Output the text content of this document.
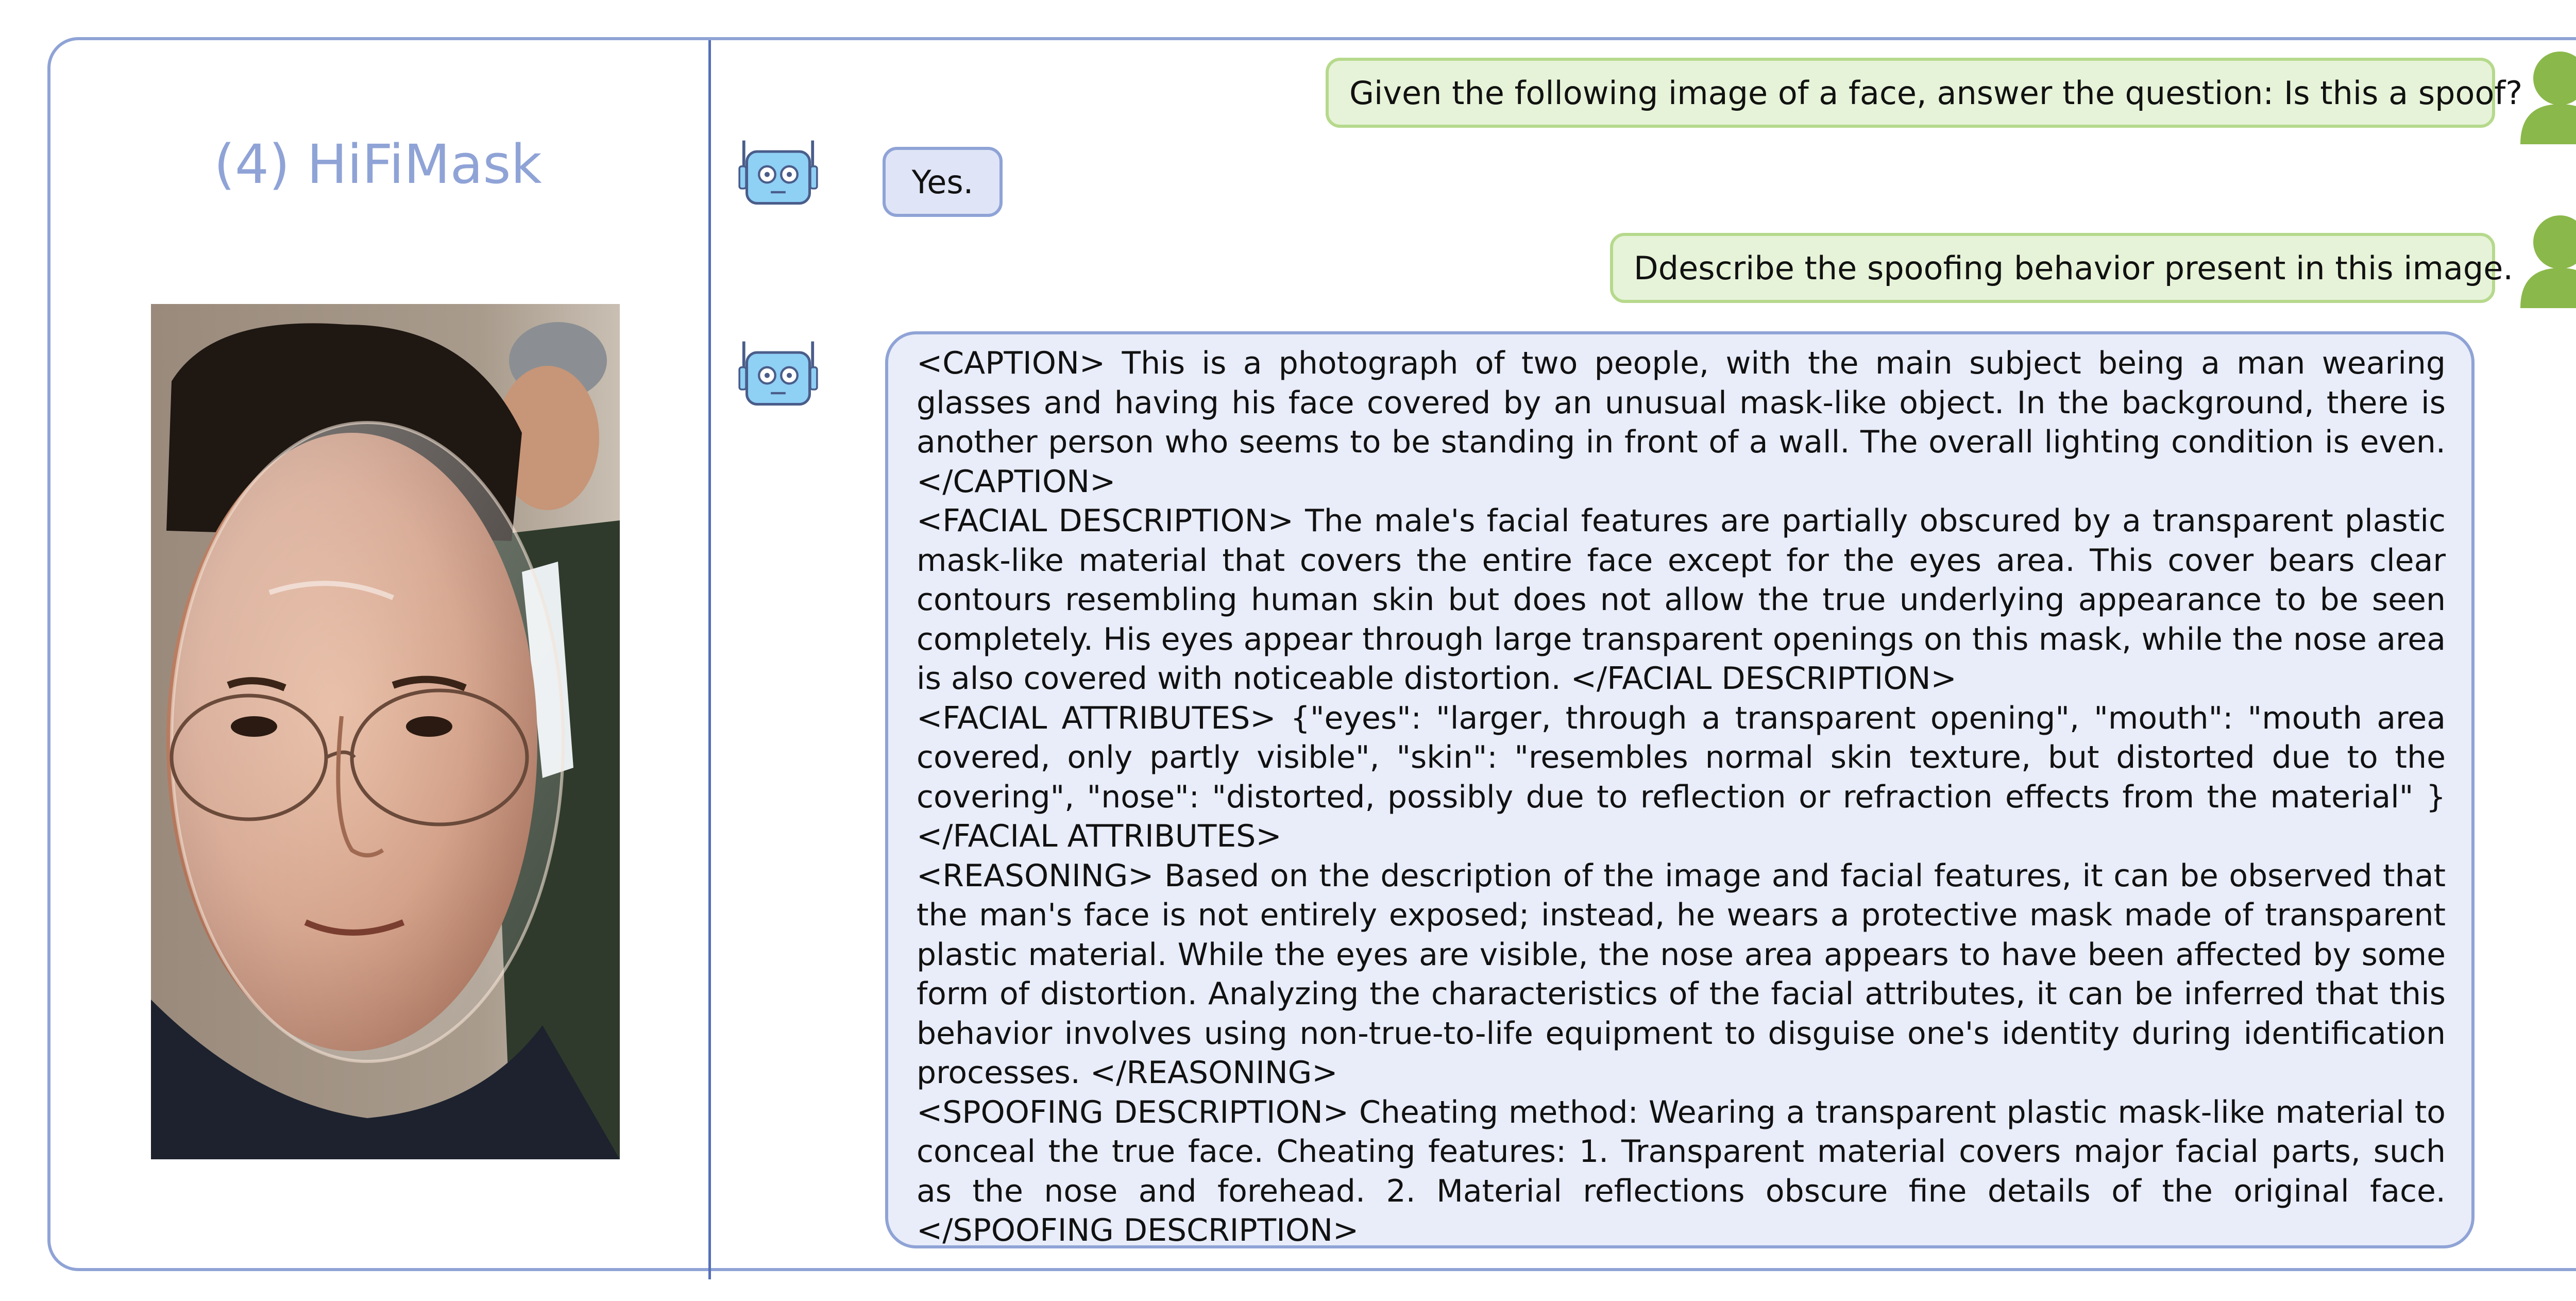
(4) HiFiMask
Given the following image of a face, answer the question: Is this a spoof?
Yes.
Ddescribe the spoofing behavior present in this image.

<CAPTION> This is a photograph of two people, with the main subject being a man wearing glasses and having his face covered by an unusual mask-like object. In the background, there is another person who seems to be standing in front of a wall. The overall lighting condition is even.</CAPTION>

<FACIAL DESCRIPTION> The male's facial features are partially obscured by a transparent plastic mask-like material that covers the entire face except for the eyes area. This cover bears clear contours resembling human skin but does not allow the true underlying appearance to be seen completely. His eyes appear through large transparent openings on this mask, while the nose area is also covered with noticeable distortion. </FACIAL DESCRIPTION>

<FACIAL ATTRIBUTES> {"eyes": "larger, through a transparent opening", "mouth": "mouth area covered, only partly visible", "skin": "resembles normal skin texture, but distorted due to the covering", "nose": "distorted, possibly due to reflection or refraction effects from the material" } </FACIAL ATTRIBUTES>

<REASONING> Based on the description of the image and facial features, it can be observed that the man's face is not entirely exposed; instead, he wears a protective mask made of transparent plastic material. While the eyes are visible, the nose area appears to have been affected by some form of distortion. Analyzing the characteristics of the facial attributes, it can be inferred that this behavior involves using non-true-to-life equipment to disguise one's identity during identification processes. </REASONING>

<SPOOFING DESCRIPTION> Cheating method: Wearing a transparent plastic mask-like material to conceal the true face. Cheating features: 1. Transparent material covers major facial parts, such as the nose and forehead. 2. Material reflections obscure fine details of the original face. </SPOOFING DESCRIPTION>
